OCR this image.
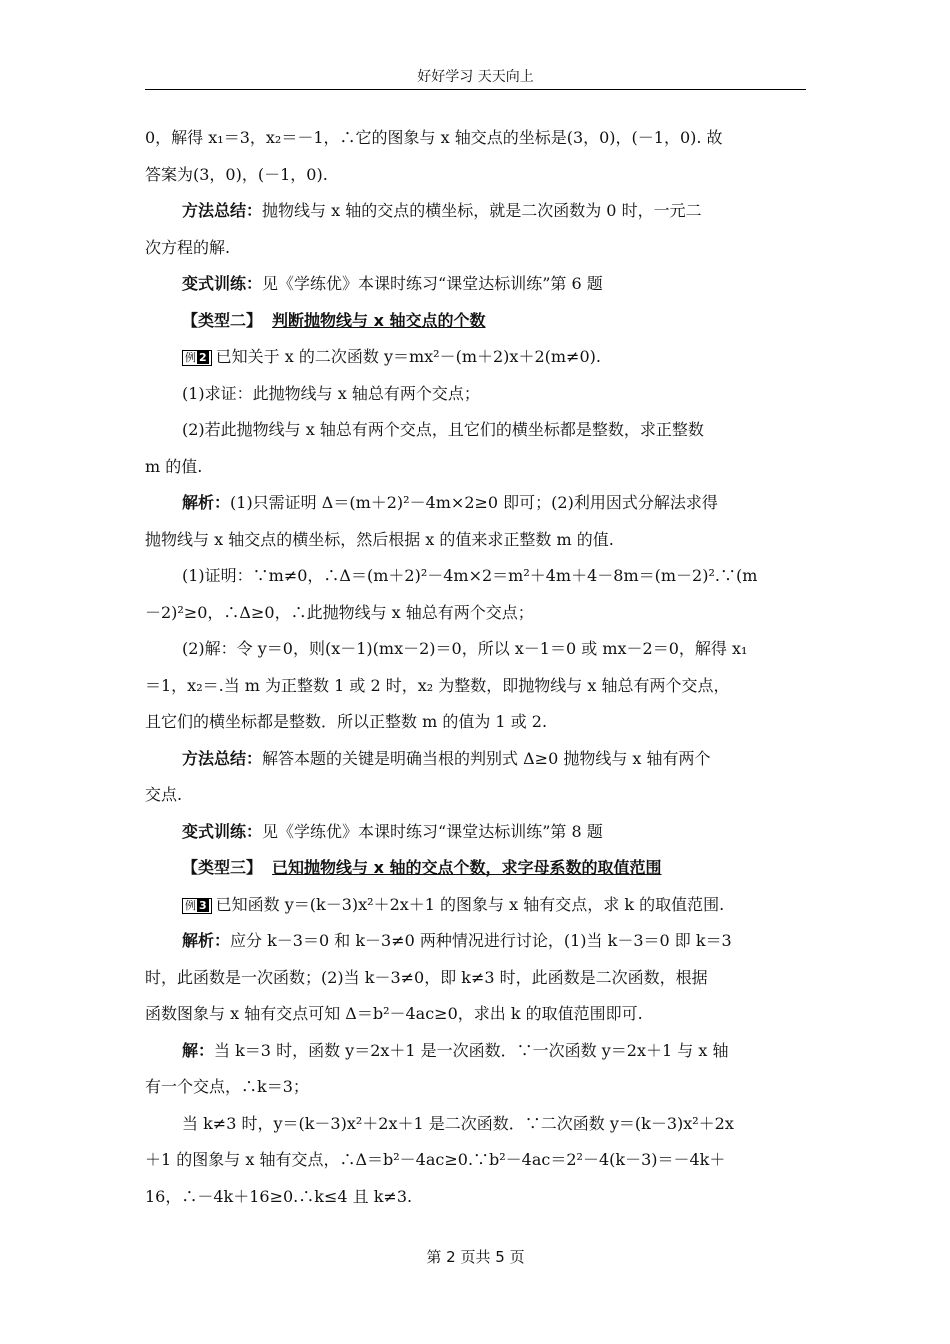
好好学习 天天向上
0，解得 x₁＝3，x₂＝－1，∴它的图象与 x 轴交点的坐标是(3，0)，(－1，0). 故
答案为(3，0)，(－1，0).
方法总结：抛物线与 x 轴的交点的横坐标，就是二次函数为 0 时，一元二
次方程的解.
变式训练：见《学练优》本课时练习“课堂达标训练”第 6 题
【类型二】 判断抛物线与 x 轴交点的个数
例 2 已知关于 x 的二次函数 y＝mx²－(m＋2)x＋2(m≠0).
(1)求证：此抛物线与 x 轴总有两个交点；
(2)若此抛物线与 x 轴总有两个交点，且它们的横坐标都是整数，求正整数
m 的值.
解析：(1)只需证明 Δ＝(m＋2)²－4m×2≥0 即可；(2)利用因式分解法求得
抛物线与 x 轴交点的横坐标，然后根据 x 的值来求正整数 m 的值.
(1)证明：∵m≠0，∴Δ＝(m＋2)²－4m×2＝m²＋4m＋4－8m＝(m－2)².∵(m
－2)²≥0，∴Δ≥0，∴此抛物线与 x 轴总有两个交点；
(2)解：令 y＝0，则(x－1)(mx－2)＝0，所以 x－1＝0 或 mx－2＝0，解得 x₁
＝1，x₂＝.当 m 为正整数 1 或 2 时，x₂ 为整数，即抛物线与 x 轴总有两个交点，
且它们的横坐标都是整数．所以正整数 m 的值为 1 或 2.
方法总结：解答本题的关键是明确当根的判别式 Δ≥0 抛物线与 x 轴有两个
交点.
变式训练：见《学练优》本课时练习“课堂达标训练”第 8 题
【类型三】 已知抛物线与 x 轴的交点个数，求字母系数的取值范围
例 3 已知函数 y＝(k－3)x²＋2x＋1 的图象与 x 轴有交点，求 k 的取值范围.
解析：应分 k－3＝0 和 k－3≠0 两种情况进行讨论，(1)当 k－3＝0 即 k＝3
时，此函数是一次函数；(2)当 k－3≠0，即 k≠3 时，此函数是二次函数，根据
函数图象与 x 轴有交点可知 Δ＝b²－4ac≥0，求出 k 的取值范围即可.
解：当 k＝3 时，函数 y＝2x＋1 是一次函数．∵一次函数 y＝2x＋1 与 x 轴
有一个交点，∴k＝3；
当 k≠3 时，y＝(k－3)x²＋2x＋1 是二次函数．∵二次函数 y＝(k－3)x²＋2x
＋1 的图象与 x 轴有交点，∴Δ＝b²－4ac≥0.∵b²－4ac＝2²－4(k－3)＝－4k＋
16，∴－4k＋16≥0.∴k≤4 且 k≠3.
第 2 页共 5 页
